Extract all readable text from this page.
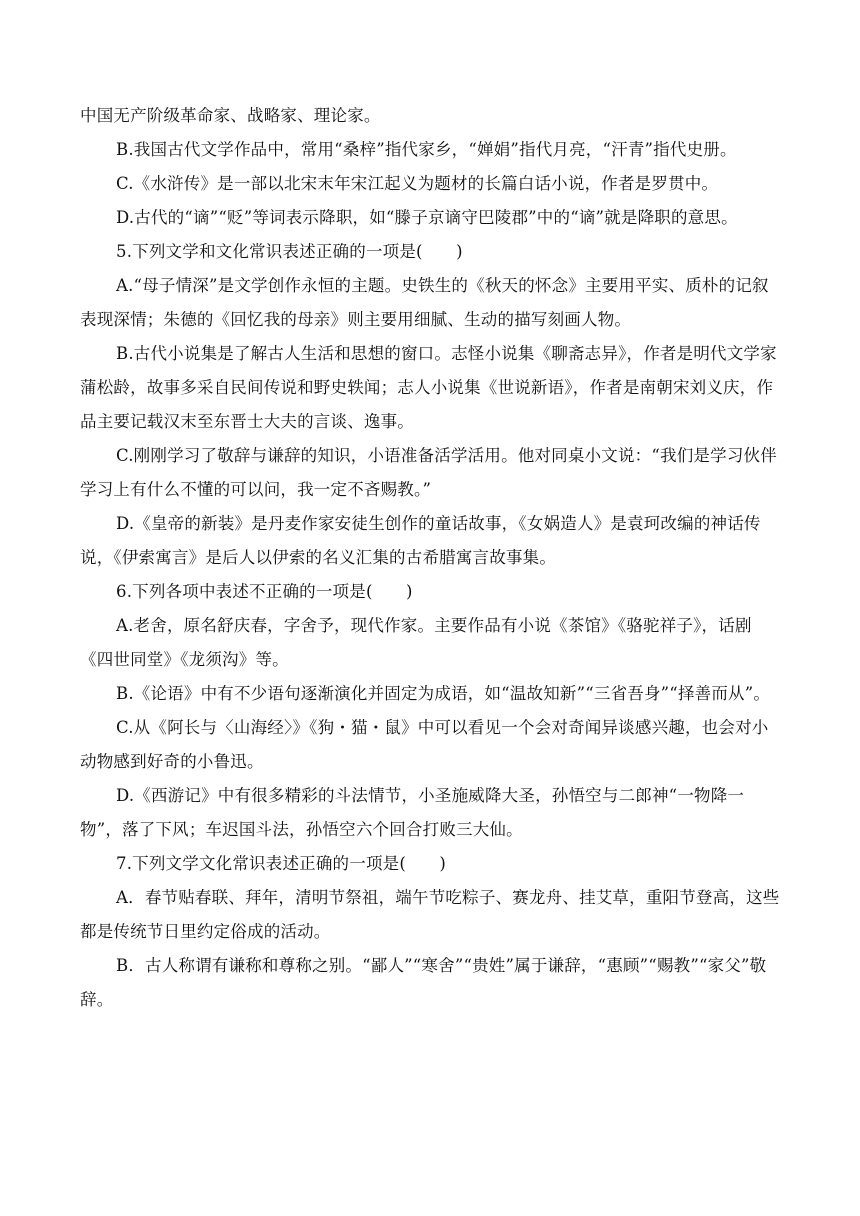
中国无产阶级革命家、战略家、理论家。

B.我国古代文学作品中，常用“桑梓”指代家乡，“婵娟”指代月亮，“汗青”指代史册。

C.《水浒传》是一部以北宋末年宋江起义为题材的长篇白话小说，作者是罗贯中。

D.古代的“谪”“贬”等词表示降职，如“滕子京谪守巴陵郡”中的“谪”就是降职的意思。

5.下列文学和文化常识表述正确的一项是(　　)

A.“母子情深”是文学创作永恒的主题。史铁生的《秋天的怀念》主要用平实、质朴的记叙表现深情；朱德的《回忆我的母亲》则主要用细腻、生动的描写刻画人物。

B.古代小说集是了解古人生活和思想的窗口。志怪小说集《聊斋志异》，作者是明代文学家蒲松龄，故事多采自民间传说和野史轶闻；志人小说集《世说新语》，作者是南朝宋刘义庆，作品主要记载汉末至东晋士大夫的言谈、逸事。

C.刚刚学习了敬辞与谦辞的知识，小语准备活学活用。他对同桌小文说：“我们是学习伙伴学习上有什么不懂的可以问，我一定不吝赐教。”

D.《皇帝的新装》是丹麦作家安徒生创作的童话故事，《女娲造人》是袁珂改编的神话传说，《伊索寓言》是后人以伊索的名义汇集的古希腊寓言故事集。

6.下列各项中表述不正确的一项是(　　)

A.老舍，原名舒庆春，字舍予，现代作家。主要作品有小说《茶馆》《骆驼祥子》，话剧《四世同堂》《龙须沟》等。

B.《论语》中有不少语句逐渐演化并固定为成语，如“温故知新”“三省吾身”“择善而从”。

C.从《阿长与〈山海经〉》《狗・猫・鼠》中可以看见一个会对奇闻异谈感兴趣，也会对小动物感到好奇的小鲁迅。

D.《西游记》中有很多精彩的斗法情节，小圣施威降大圣，孙悟空与二郎神“一物降一物”，落了下风；车迟国斗法，孙悟空六个回合打败三大仙。

7.下列文学文化常识表述正确的一项是(　　)

A．春节贴春联、拜年，清明节祭祖，端午节吃粽子、赛龙舟、挂艾草，重阳节登高，这些都是传统节日里约定俗成的活动。

B．古人称谓有谦称和尊称之别。“鄙人”“寒舍”“贵姓”属于谦辞，“惠顾”“赐教”“家父”敬辞。
